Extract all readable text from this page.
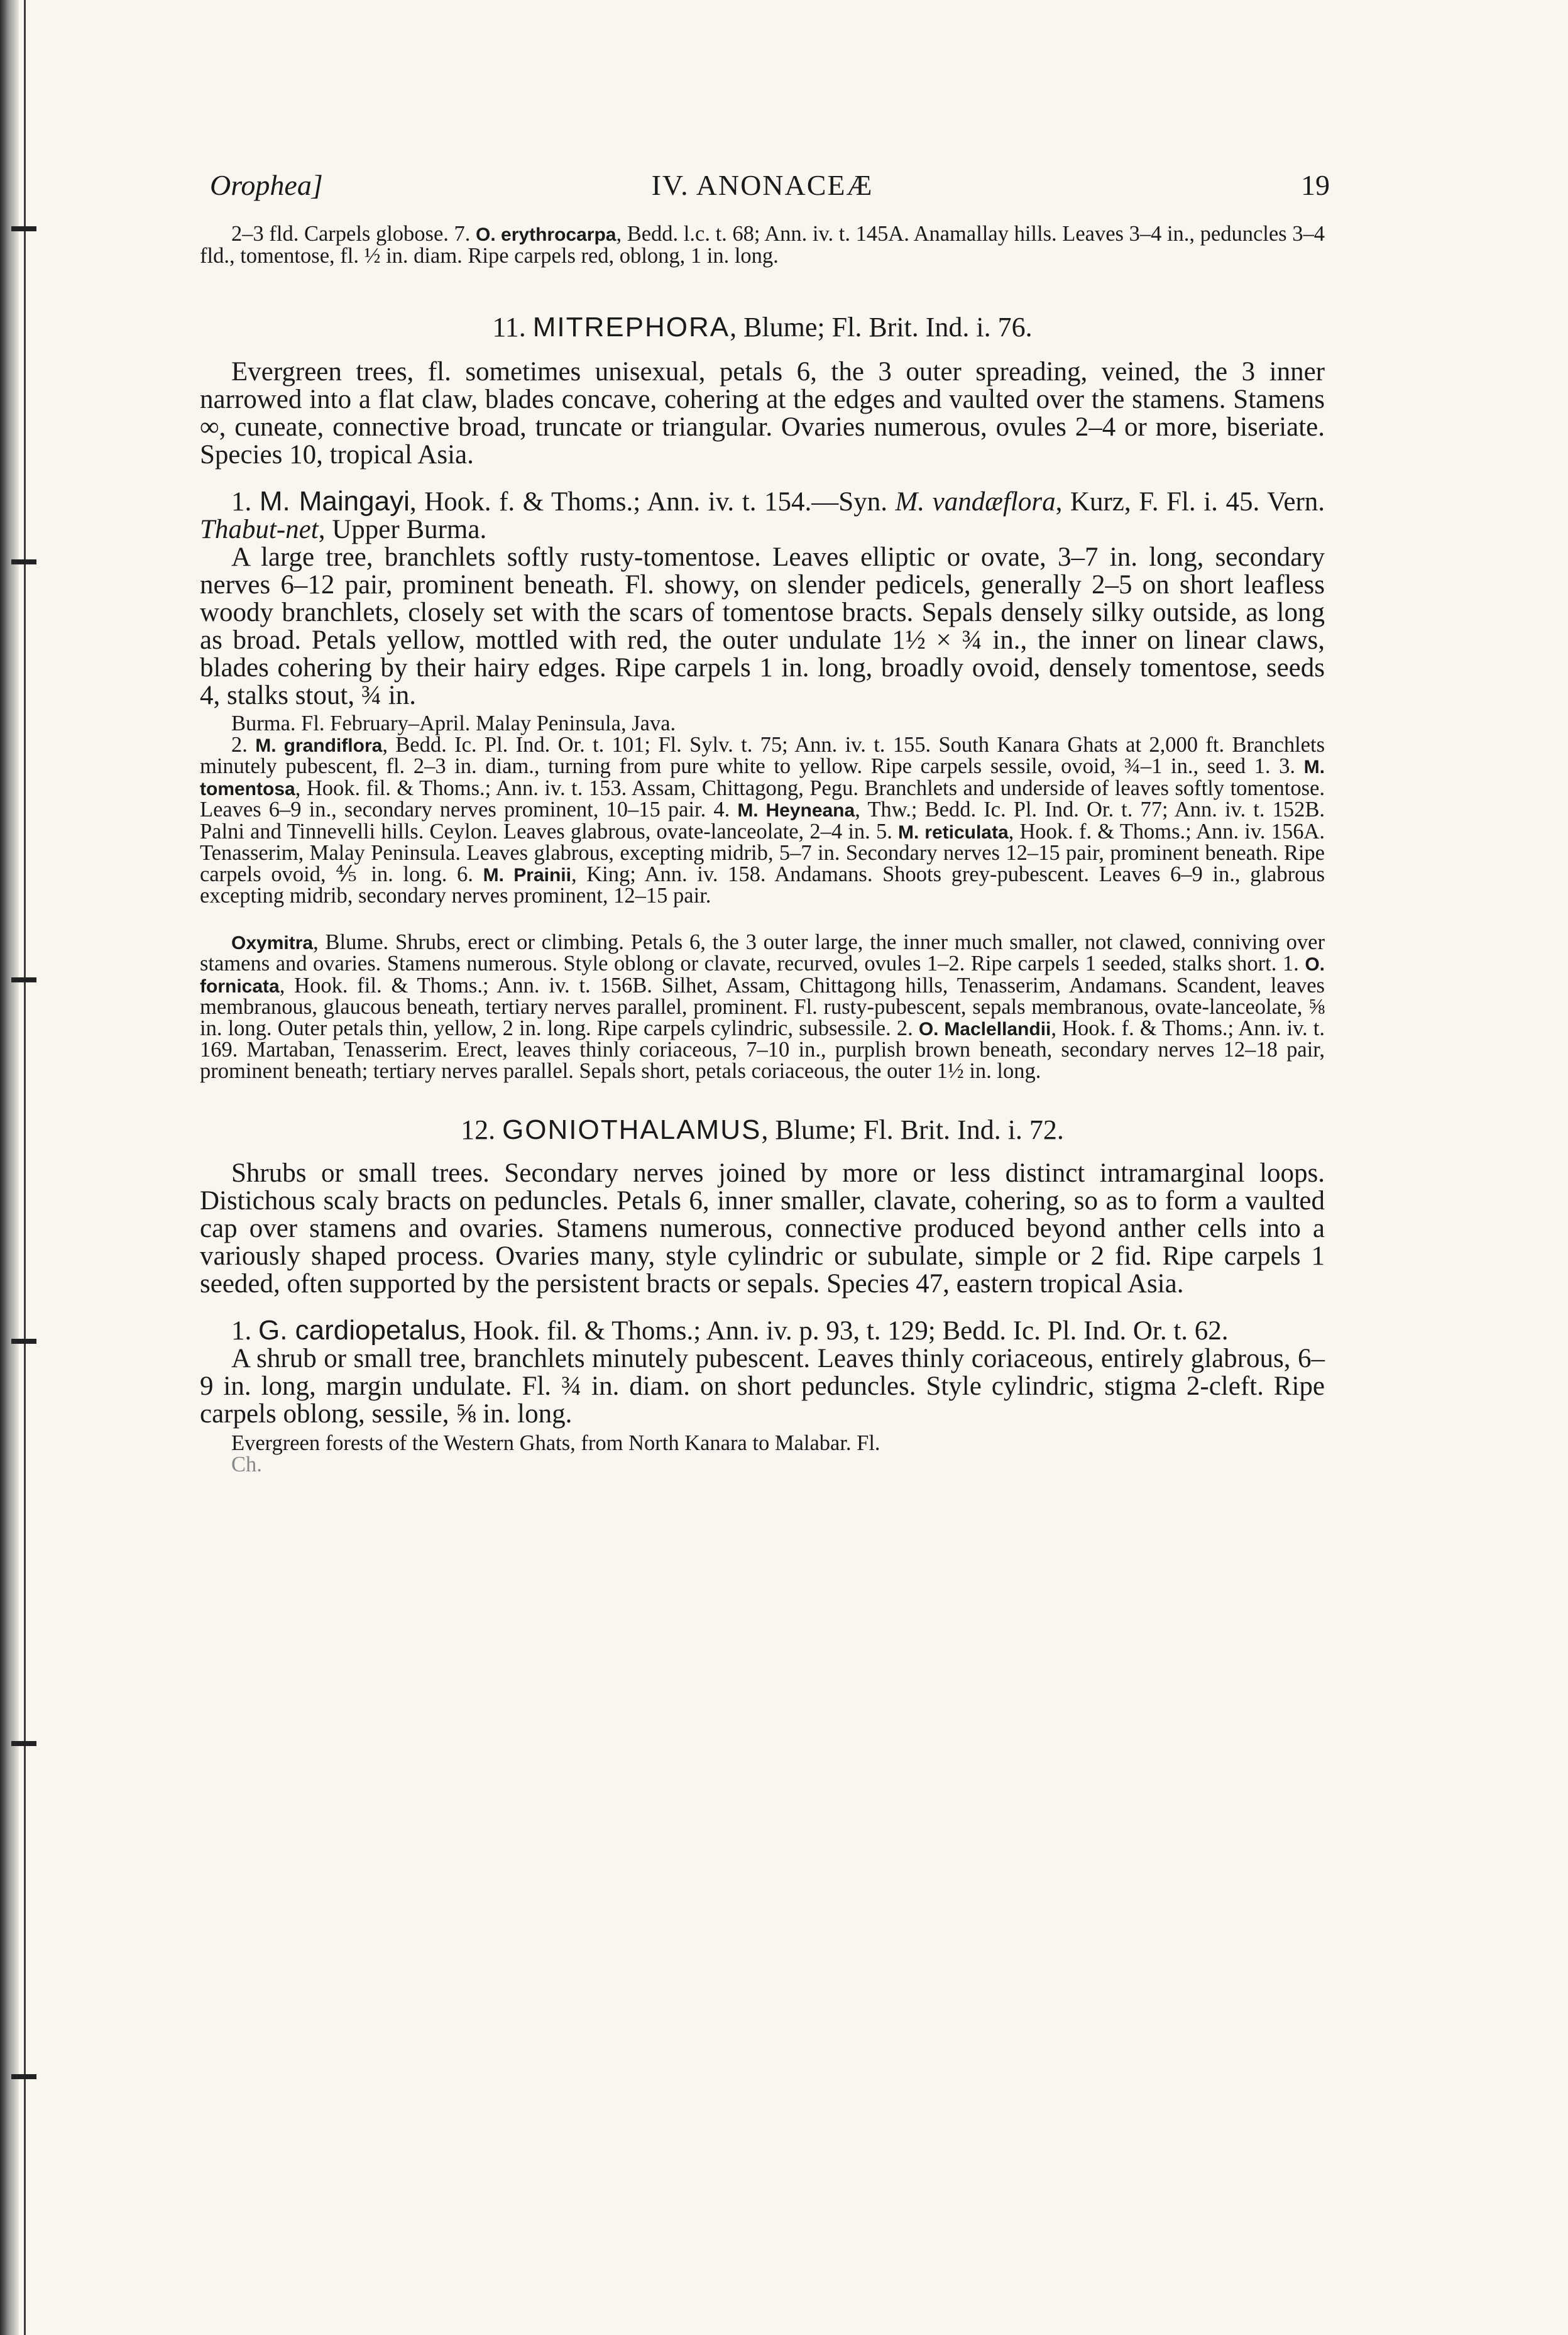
Orophea]	IV. ANONACEÆ	19

2–3 fld. Carpels globose. 7. O. erythrocarpa, Bedd. l.c. t. 68; Ann. iv. t. 145A. Anamallay hills. Leaves 3–4 in., peduncles 3–4 fld., tomentose, fl. ½ in. diam. Ripe carpels red, oblong, 1 in. long.

11. MITREPHORA, Blume; Fl. Brit. Ind. i. 76.

Evergreen trees, fl. sometimes unisexual, petals 6, the 3 outer spreading, veined, the 3 inner narrowed into a flat claw, blades concave, cohering at the edges and vaulted over the stamens. Stamens ∞, cuneate, connective broad, truncate or triangular. Ovaries numerous, ovules 2–4 or more, biseriate. Species 10, tropical Asia.

1. M. Maingayi, Hook. f. & Thoms.; Ann. iv. t. 154.—Syn. M. vandæflora, Kurz, F. Fl. i. 45. Vern. Thabut-net, Upper Burma.

A large tree, branchlets softly rusty-tomentose. Leaves elliptic or ovate, 3–7 in. long, secondary nerves 6–12 pair, prominent beneath. Fl. showy, on slender pedicels, generally 2–5 on short leafless woody branchlets, closely set with the scars of tomentose bracts. Sepals densely silky outside, as long as broad. Petals yellow, mottled with red, the outer undulate 1½ × ¾ in., the inner on linear claws, blades cohering by their hairy edges. Ripe carpels 1 in. long, broadly ovoid, densely tomentose, seeds 4, stalks stout, ¾ in.

Burma. Fl. February–April. Malay Peninsula, Java.

2. M. grandiflora, Bedd. Ic. Pl. Ind. Or. t. 101; Fl. Sylv. t. 75; Ann. iv. t. 155. South Kanara Ghats at 2,000 ft. Branchlets minutely pubescent, fl. 2–3 in. diam., turning from pure white to yellow. Ripe carpels sessile, ovoid, ¾–1 in., seed 1. 3. M. tomentosa, Hook. fil. & Thoms.; Ann. iv. t. 153. Assam, Chittagong, Pegu. Branchlets and underside of leaves softly tomentose. Leaves 6–9 in., secondary nerves prominent, 10–15 pair. 4. M. Heyneana, Thw.; Bedd. Ic. Pl. Ind. Or. t. 77; Ann. iv. t. 152B. Palni and Tinnevelli hills. Ceylon. Leaves glabrous, ovate-lanceolate, 2–4 in. 5. M. reticulata, Hook. f. & Thoms.; Ann. iv. 156A. Tenasserim, Malay Peninsula. Leaves glabrous, excepting midrib, 5–7 in. Secondary nerves 12–15 pair, prominent beneath. Ripe carpels ovoid, ⅘ in. long. 6. M. Prainii, King; Ann. iv. 158. Andamans. Shoots grey-pubescent. Leaves 6–9 in., glabrous excepting midrib, secondary nerves prominent, 12–15 pair.

Oxymitra, Blume. Shrubs, erect or climbing. Petals 6, the 3 outer large, the inner much smaller, not clawed, conniving over stamens and ovaries. Stamens numerous. Style oblong or clavate, recurved, ovules 1–2. Ripe carpels 1 seeded, stalks short. 1. O. fornicata, Hook. fil. & Thoms.; Ann. iv. t. 156B. Silhet, Assam, Chittagong hills, Tenasserim, Andamans. Scandent, leaves membranous, glaucous beneath, tertiary nerves parallel, prominent. Fl. rusty-pubescent, sepals membranous, ovate-lanceolate, ⅝ in. long. Outer petals thin, yellow, 2 in. long. Ripe carpels cylindric, subsessile. 2. O. Maclellandii, Hook. f. & Thoms.; Ann. iv. t. 169. Martaban, Tenasserim. Erect, leaves thinly coriaceous, 7–10 in., purplish brown beneath, secondary nerves 12–18 pair, prominent beneath; tertiary nerves parallel. Sepals short, petals coriaceous, the outer 1½ in. long.

12. GONIOTHALAMUS, Blume; Fl. Brit. Ind. i. 72.

Shrubs or small trees. Secondary nerves joined by more or less distinct intramarginal loops. Distichous scaly bracts on peduncles. Petals 6, inner smaller, clavate, cohering, so as to form a vaulted cap over stamens and ovaries. Stamens numerous, connective produced beyond anther cells into a variously shaped process. Ovaries many, style cylindric or subulate, simple or 2 fid. Ripe carpels 1 seeded, often supported by the persistent bracts or sepals. Species 47, eastern tropical Asia.

1. G. cardiopetalus, Hook. fil. & Thoms.; Ann. iv. p. 93, t. 129; Bedd. Ic. Pl. Ind. Or. t. 62.

A shrub or small tree, branchlets minutely pubescent. Leaves thinly coriaceous, entirely glabrous, 6–9 in. long, margin undulate. Fl. ¾ in. diam. on short peduncles. Style cylindric, stigma 2-cleft. Ripe carpels oblong, sessile, ⅝ in. long.

Evergreen forests of the Western Ghats, from North Kanara to Malabar. Fl.

Ch.
